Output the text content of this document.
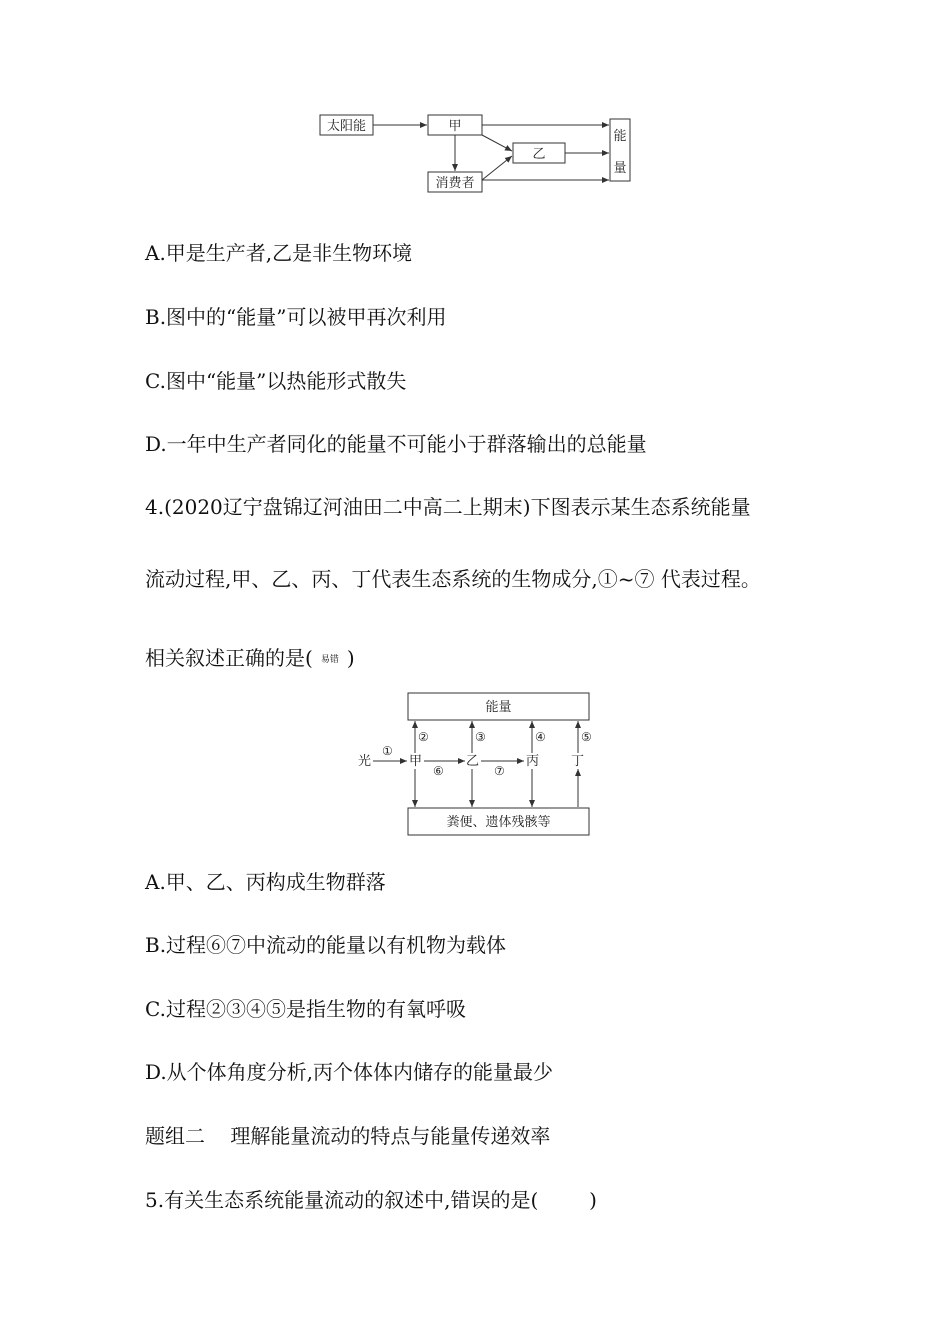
太阳能	甲
乙
消费者
能
量
A.甲是生产者,乙是非生物环境
B.图中的“能量”可以被甲再次利用
C.图中“能量”以热能形式散失
D.一年中生产者同化的能量不可能小于群落输出的总能量
4.(2020辽宁盘锦辽河油田二中高二上期末)下图表示某生态系统能量
流动过程,甲、乙、丙、丁代表生态系统的生物成分,①~⑦ 代表过程。
相关叙述正确的是( 易错 )
能量
粪便、遗体残骸等
光	甲	乙	丙 丁
①
②	③	④	⑤
⑥	⑦
A.甲、乙、丙构成生物群落
B.过程⑥⑦中流动的能量以有机物为载体
C.过程②③④⑤是指生物的有氧呼吸
D.从个体角度分析,丙个体体内储存的能量最少
题组二    理解能量流动的特点与能量传递效率
5.有关生态系统能量流动的叙述中,错误的是(        )
